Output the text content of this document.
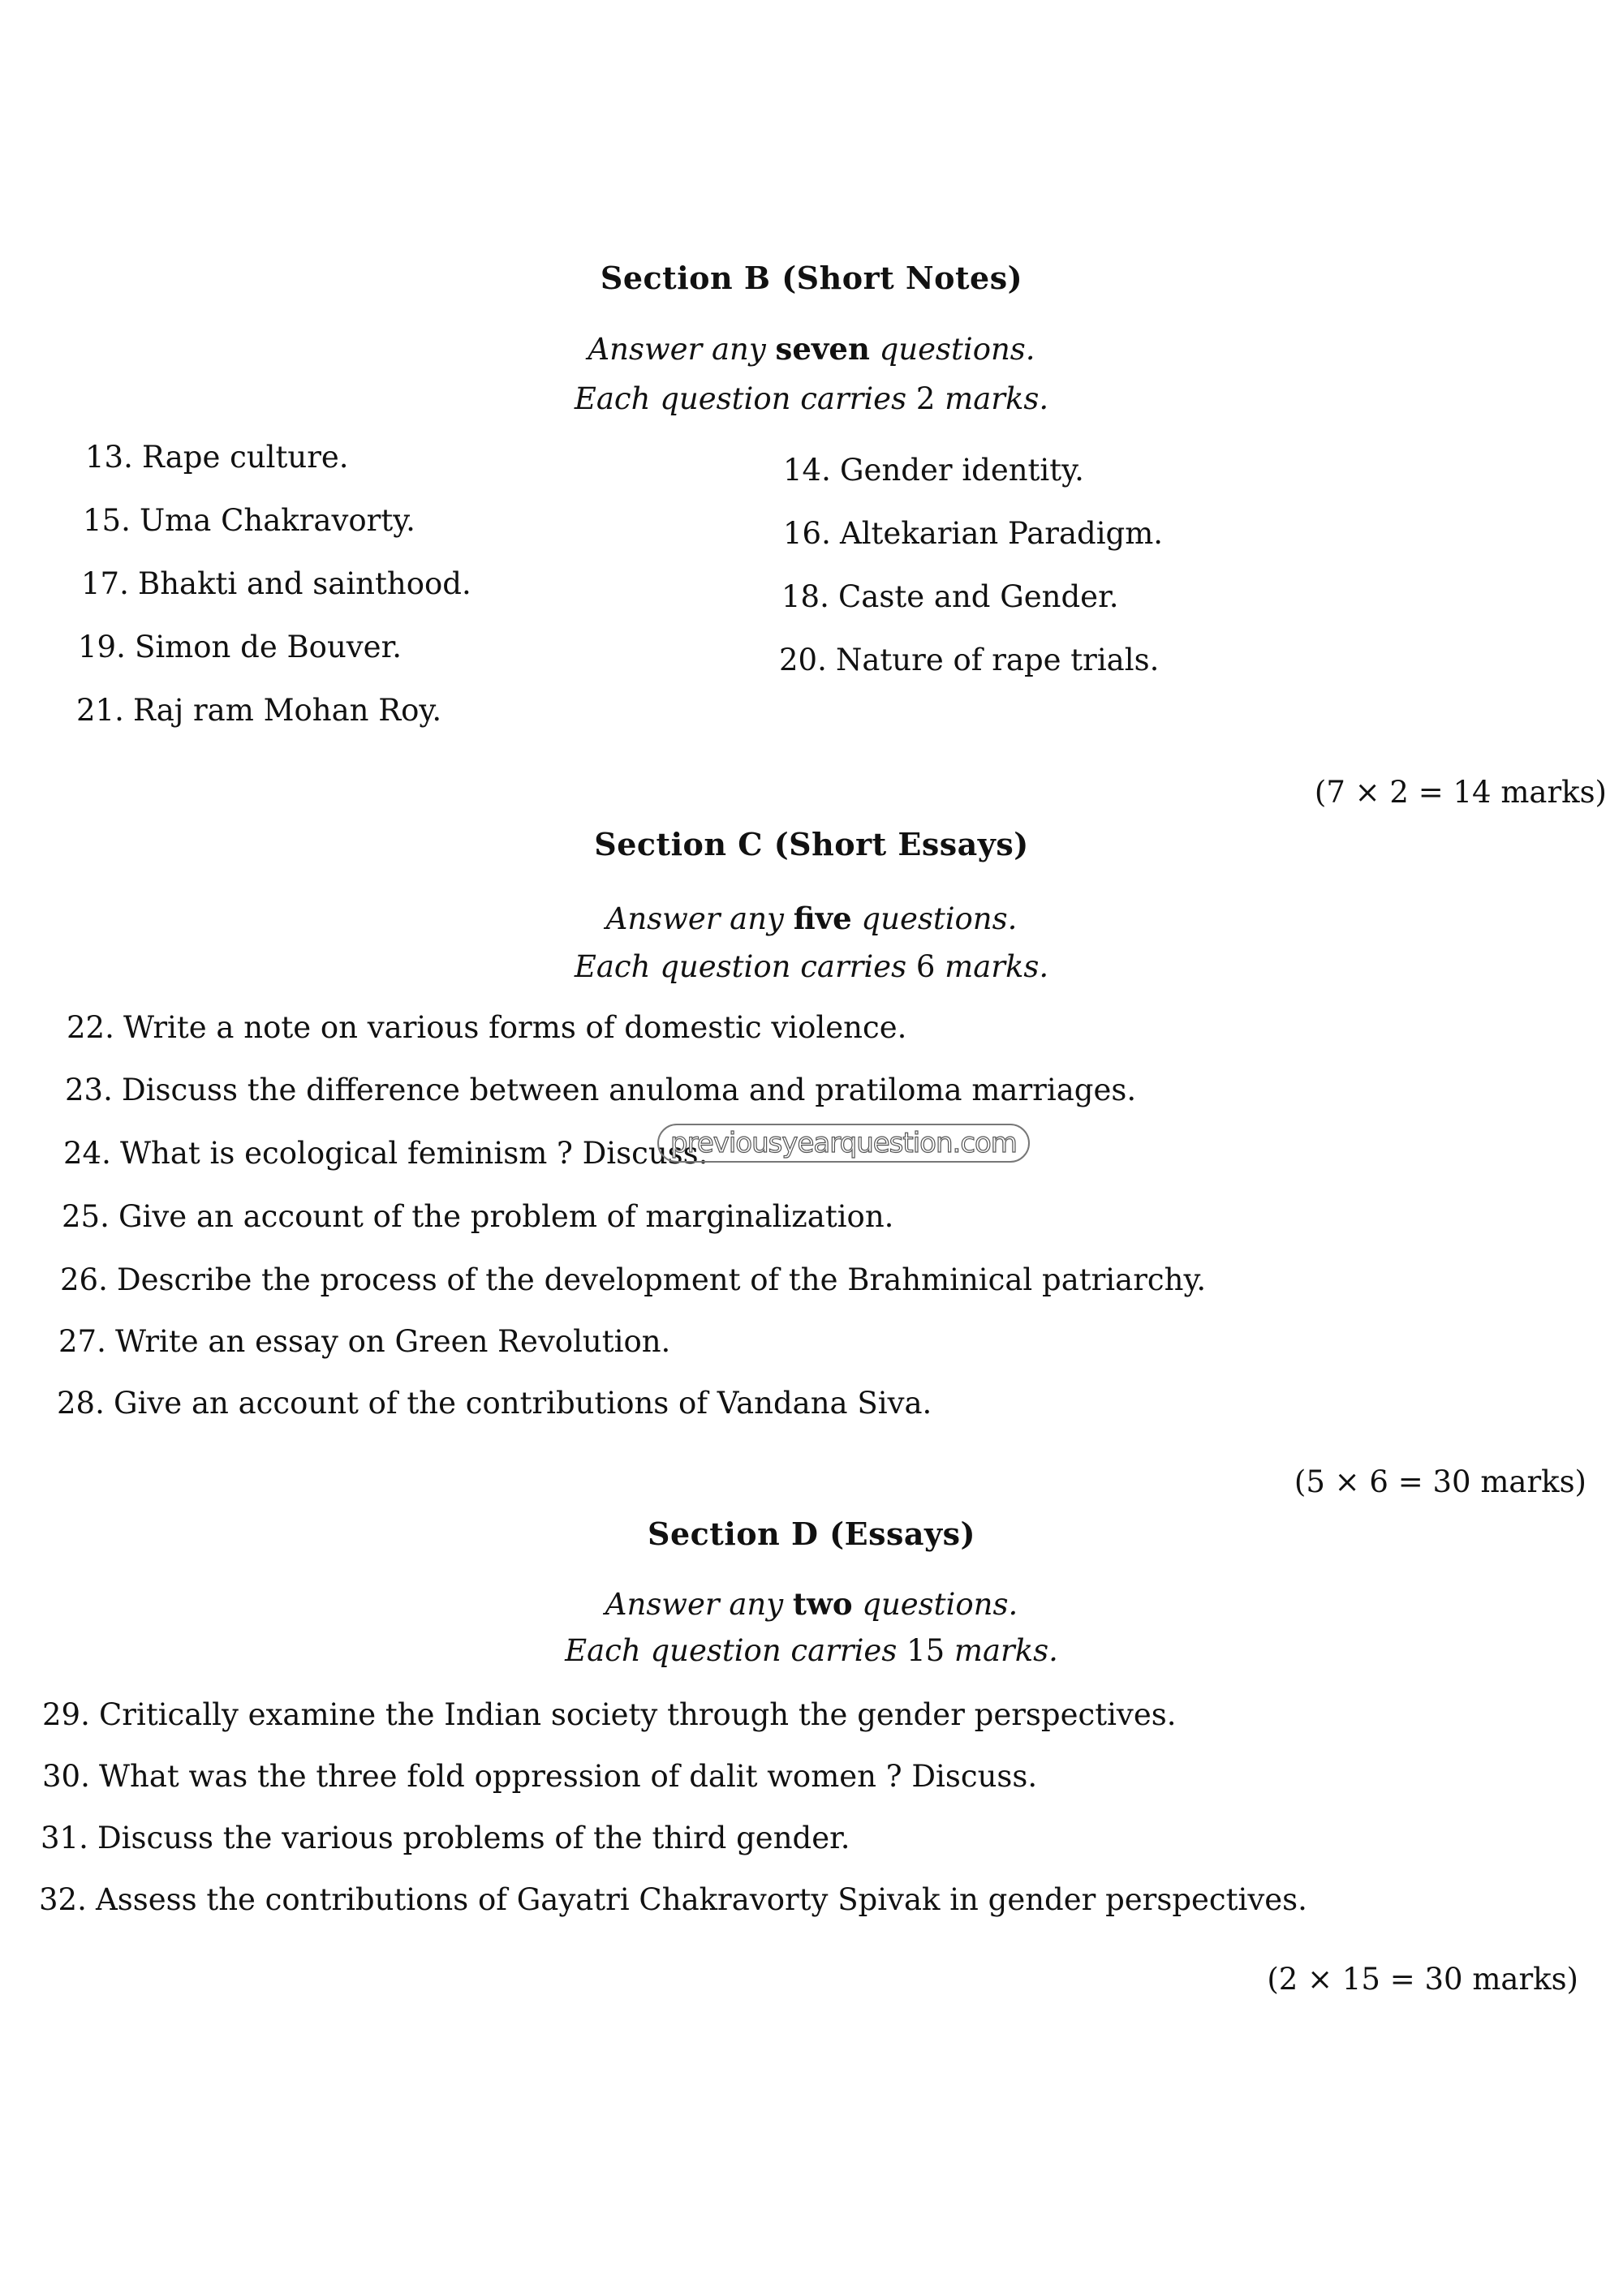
Section B (Short Notes)
Answer any seven questions.
Each question carries 2 marks.
13. Rape culture.	14. Gender identity.
15. Uma Chakravorty.	16. Altekarian Paradigm.
17. Bhakti and sainthood.	18. Caste and Gender.
19. Simon de Bouver.	20. Nature of rape trials.
21. Raj ram Mohan Roy.
(7 × 2 = 14 marks)
Section C (Short Essays)
Answer any five questions.
Each question carries 6 marks.
22. Write a note on various forms of domestic violence.
23. Discuss the difference between anuloma and pratiloma marriages.
24. What is ecological feminism ? Discuss.
25. Give an account of the problem of marginalization.
26. Describe the process of the development of the Brahminical patriarchy.
27. Write an essay on Green Revolution.
28. Give an account of the contributions of Vandana Siva.
(5 × 6 = 30 marks)
Section D (Essays)
Answer any two questions.
Each question carries 15 marks.
29. Critically examine the Indian society through the gender perspectives.
30. What was the three fold oppression of dalit women ? Discuss.
31. Discuss the various problems of the third gender.
32. Assess the contributions of Gayatri Chakravorty Spivak in gender perspectives.
(2 × 15 = 30 marks)
previousyearquestion.com
